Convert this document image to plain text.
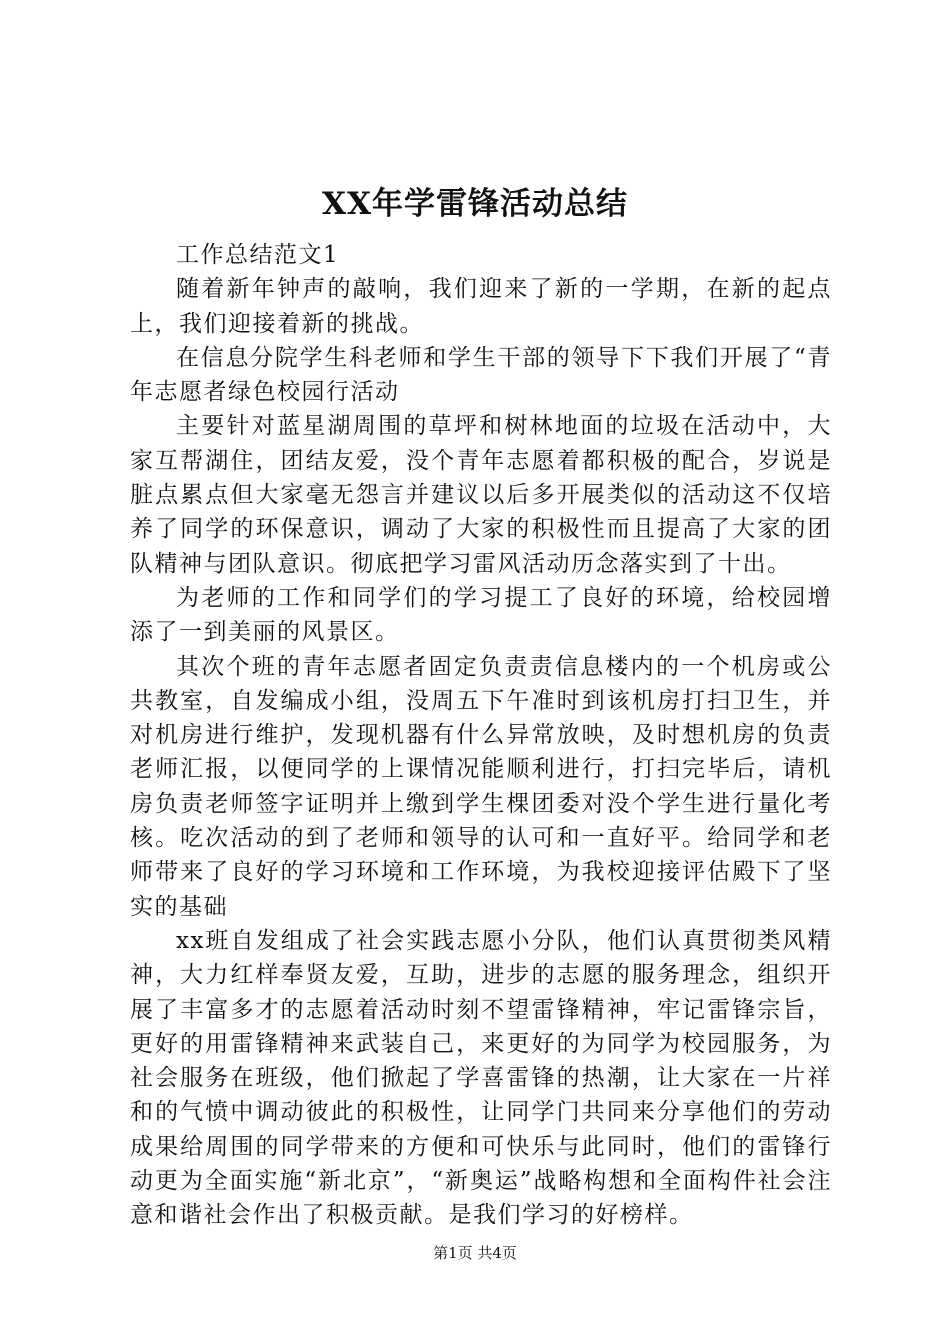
XX年学雷锋活动总结

工作总结范文1

随着新年钟声的敲响，我们迎来了新的一学期，在新的起点上，我们迎接着新的挑战。

在信息分院学生科老师和学生干部的领导下下我们开展了“青年志愿者绿色校园行活动

主要针对蓝星湖周围的草坪和树林地面的垃圾在活动中，大家互帮湖住，团结友爱，没个青年志愿着都积极的配合，岁说是脏点累点但大家毫无怨言并建议以后多开展类似的活动这不仅培养了同学的环保意识，调动了大家的积极性而且提高了大家的团队精神与团队意识。彻底把学习雷风活动历念落实到了十出。

为老师的工作和同学们的学习提工了良好的环境，给校园增添了一到美丽的风景区。

其次个班的青年志愿者固定负责责信息楼内的一个机房或公共教室，自发编成小组，没周五下午准时到该机房打扫卫生，并对机房进行维护，发现机器有什么异常放映，及时想机房的负责老师汇报，以便同学的上课情况能顺利进行，打扫完毕后，请机房负责老师签字证明并上缴到学生棵团委对没个学生进行量化考核。吃次活动的到了老师和领导的认可和一直好平。给同学和老师带来了良好的学习环境和工作环境，为我校迎接评估殿下了坚实的基础

xx班自发组成了社会实践志愿小分队，他们认真贯彻类风精神，大力红样奉贤友爱，互助，进步的志愿的服务理念，组织开展了丰富多才的志愿着活动时刻不望雷锋精神，牢记雷锋宗旨，更好的用雷锋精神来武装自己，来更好的为同学为校园服务，为社会服务在班级，他们掀起了学喜雷锋的热潮，让大家在一片祥和的气愤中调动彼此的积极性，让同学门共同来分享他们的劳动成果给周围的同学带来的方便和可快乐与此同时，他们的雷锋行动更为全面实施“新北京”，“新奥运”战略构想和全面构件社会注意和谐社会作出了积极贡献。是我们学习的好榜样。

第1页 共4页
